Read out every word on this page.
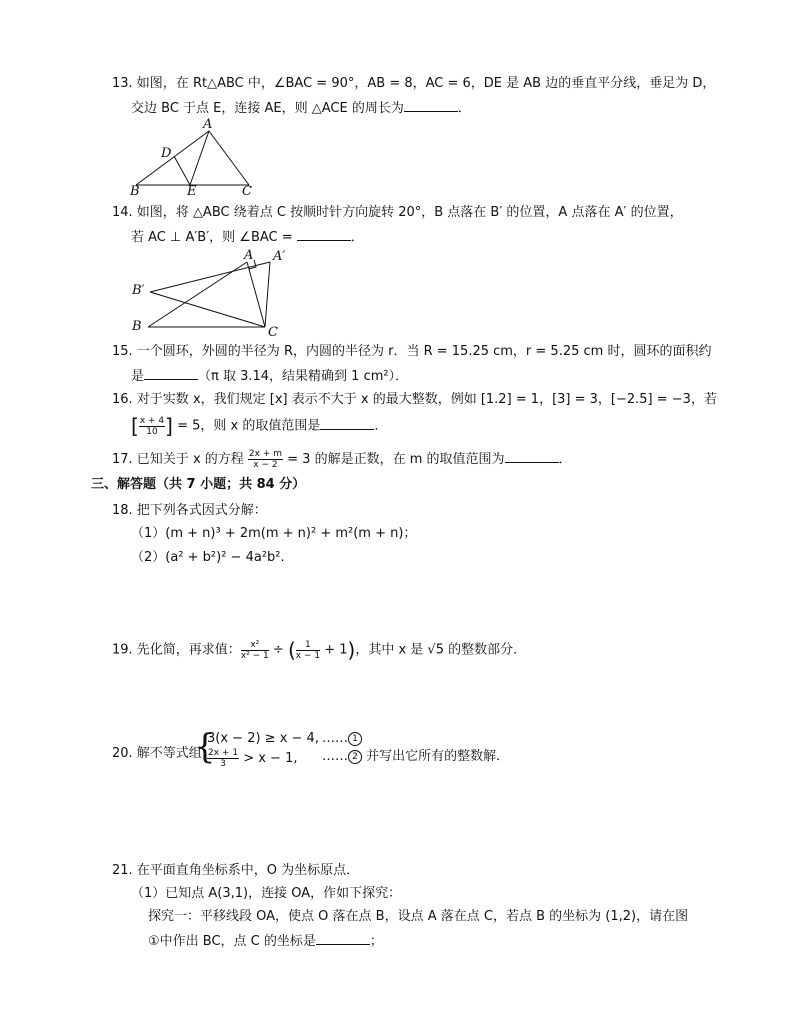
13. 如图，在 Rt△ABC 中，∠BAC = 90°，AB = 8，AC = 6，DE 是 AB 边的垂直平分线，垂足为 D，
交边 BC 于点 E，连接 AE，则 △ACE 的周长为	．
A
D
B	E	C
14. 如图，将 △ABC 绕着点 C 按顺时针方向旋转 20°，B 点落在 B′ 的位置，A 点落在 A′ 的位置，
若 AC ⊥ A′B′，则 ∠BAC =	．
A A′
B′
B	C
15. 一个圆环，外圆的半径为 R，内圆的半径为 r．当 R = 15.25 cm，r = 5.25 cm 时，圆环的面积约
是	（π 取 3.14，结果精确到 1 cm²）．
16. 对于实数 x，我们规定 [x] 表示不大于 x 的最大整数，例如 [1.2] = 1，[3] = 3，[−2.5] = −3，若
[ $\frac{x + 4}{10}$ ] = 5，则 x 的取值范围是	．
17. 已知关于 x 的方程 $\frac{2x + m}{x - 2} = 3$ 的解是正数，在 m 的取值范围为	．
三、解答题（共 7 小题；共 84 分）
18. 把下列各式因式分解：
（1）(m + n)³ + 2m(m + n)² + m²(m + n)；
（2）(a² + b²)² − 4a²b².
19. 先化简，再求值： $\frac{\text{x²}}{\text{x² − 1}}$ ÷ ( $\frac{1}{x - 1} + 1$)，其中 x 是 √5 的整数部分．
20. 解不等式组
{
3(x − 2) ≥ x − 4,
$\frac{2x + 1}{3} > x - 1$,
…… 1
…… 2 并写出它所有的整数解．
21. 在平面直角坐标系中，O 为坐标原点．
（1）已知点 A(3,1)，连接 OA，作如下探究：
探究一：平移线段 OA，使点 O 落在点 B，设点 A 落在点 C，若点 B 的坐标为 (1,2)，请在图
①中作出 BC，点 C 的坐标是	；
